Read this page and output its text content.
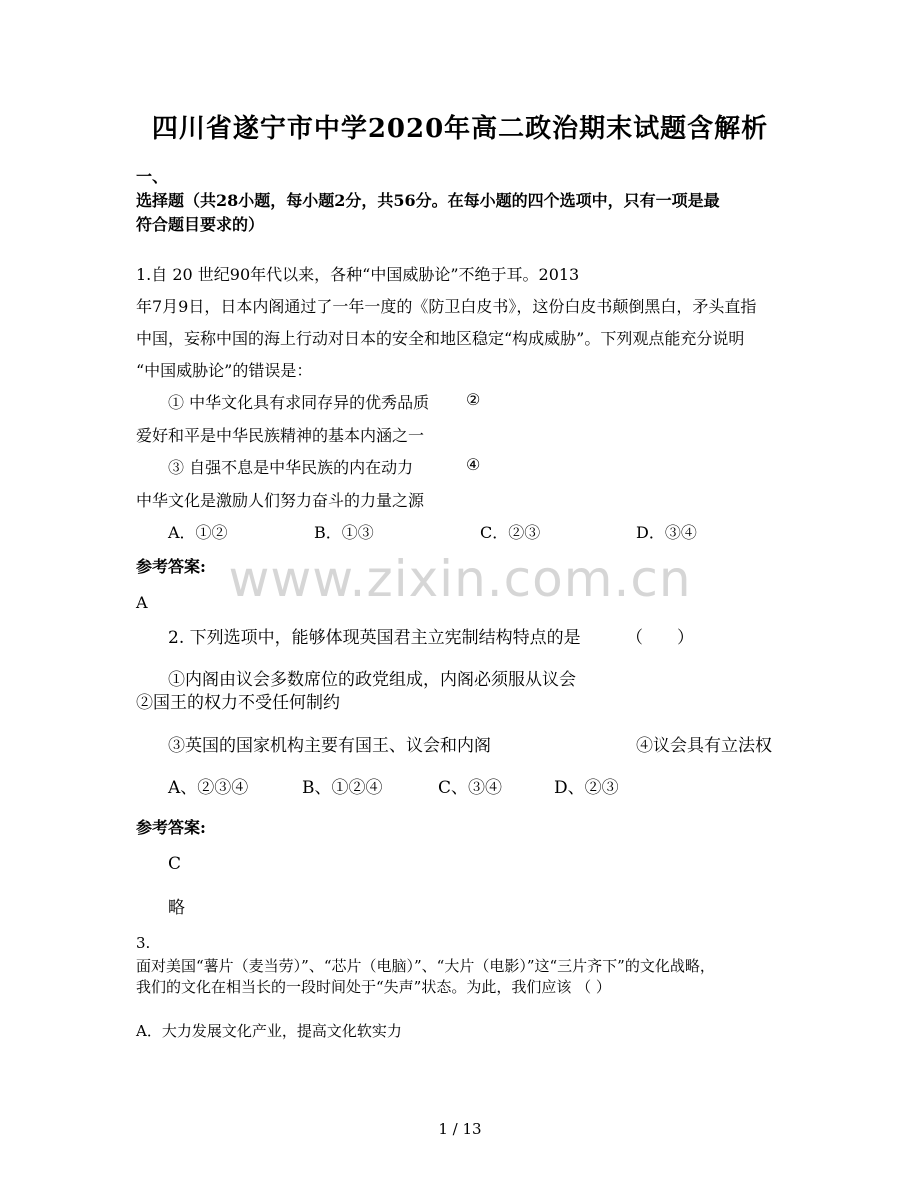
www.zixin.com.cn
四川省遂宁市中学2020年高二政治期末试题含解析
一、
选择题（共28小题，每小题2分，共56分。在每小题的四个选项中，只有一项是最
符合题目要求的）
1.自 20 世纪90年代以来，各种“中国威胁论”不绝于耳。2013
年7月9日，日本内阁通过了一年一度的《防卫白皮书》，这份白皮书颠倒黑白，矛头直指
中国，妄称中国的海上行动对日本的安全和地区稳定“构成威胁”。下列观点能充分说明
“中国威胁论”的错误是：
① 中华文化具有求同存异的优秀品质 ②
爱好和平是中华民族精神的基本内涵之一
③ 自强不息是中华民族的内在动力	④
中华文化是激励人们努力奋斗的力量之源
A．①②	B．①③	C．②③	D．③④
参考答案:
A
2. 下列选项中，能够体现英国君主立宪制结构特点的是	（　　）
①内阁由议会多数席位的政党组成，内阁必须服从议会
②国王的权力不受任何制约
③英国的国家机构主要有国王、议会和内阁	④议会具有立法权
A、②③④	B、①②④	C、③④	D、②③
参考答案:
C
略
3.
面对美国“薯片（麦当劳）”、“芯片（电脑）”、“大片（电影）”这“三片齐下”的文化战略，
我们的文化在相当长的一段时间处于“失声”状态。为此，我们应该 （ ）
A．大力发展文化产业，提高文化软实力
1 / 13
